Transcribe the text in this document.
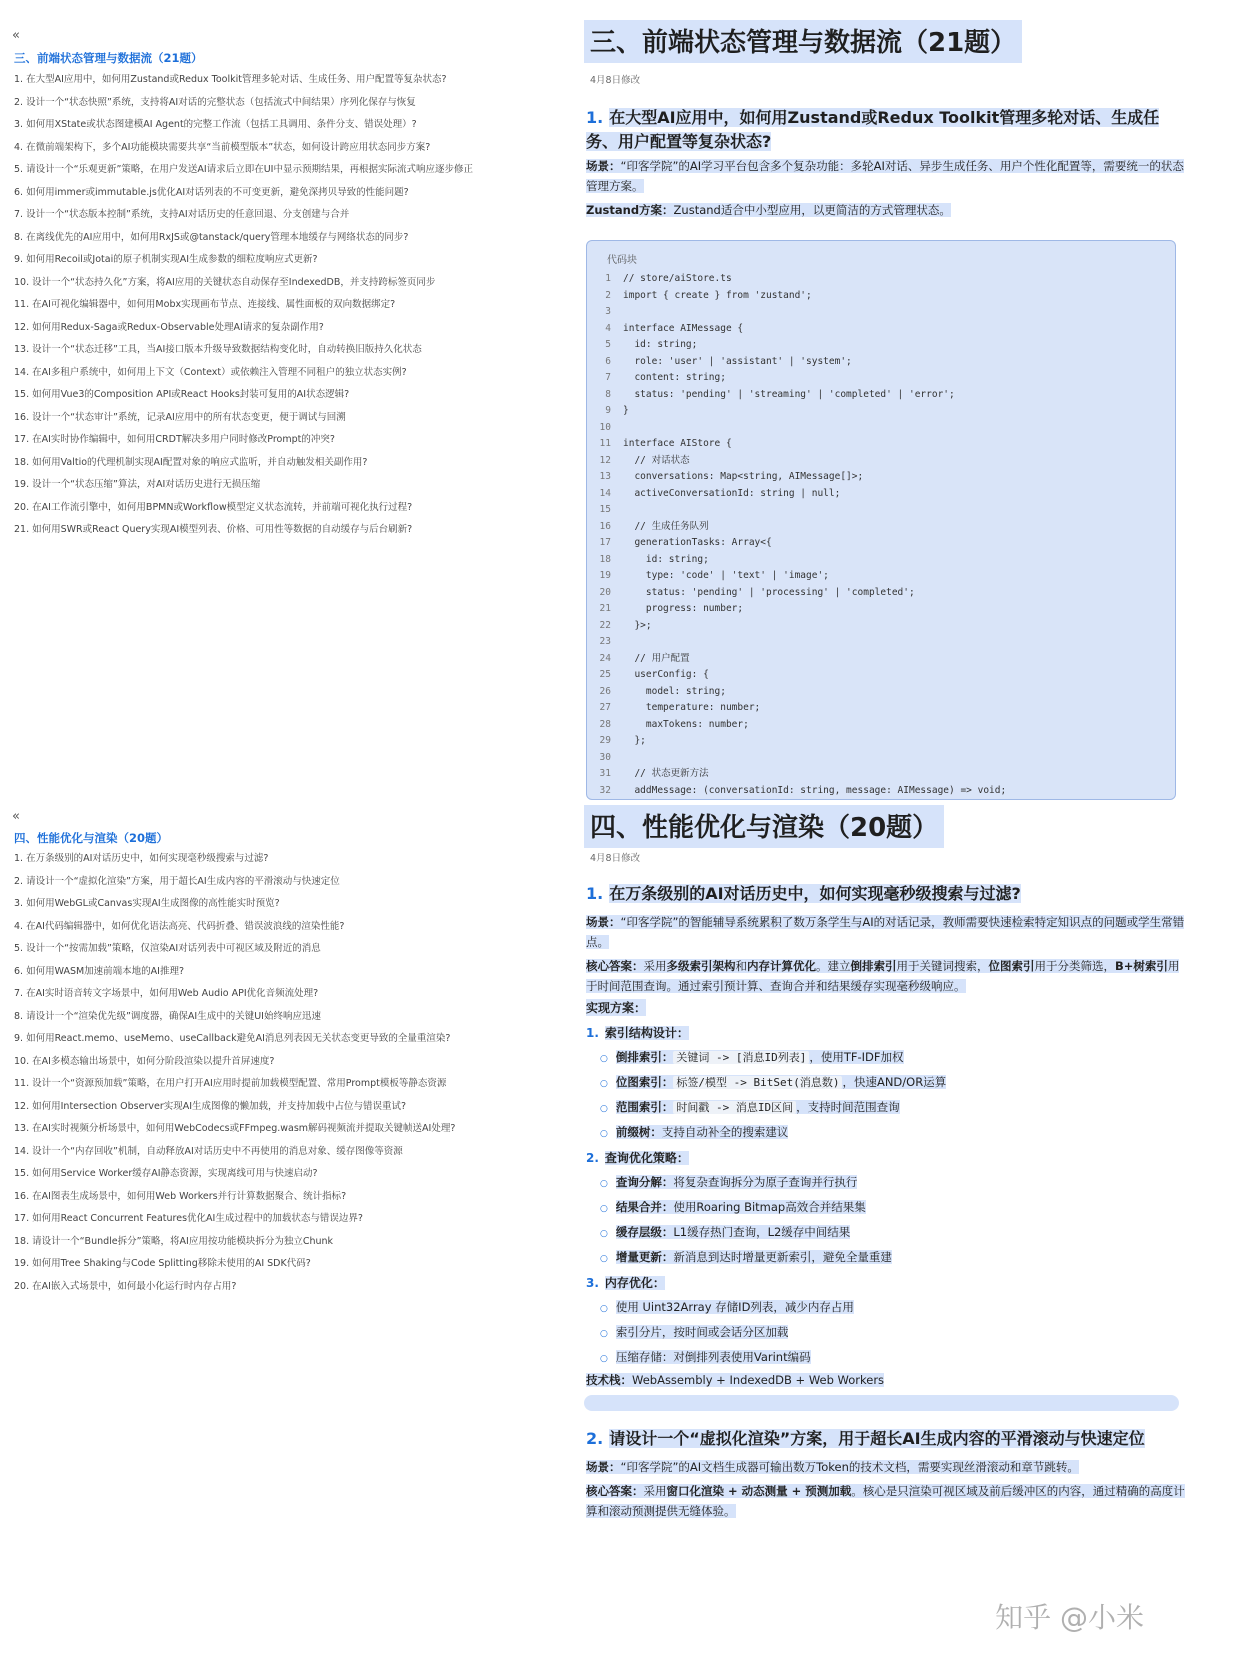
«
三、前端状态管理与数据流（21题）
1. 在大型AI应用中，如何用Zustand或Redux Toolkit管理多轮对话、生成任务、用户配置等复杂状态?
2. 设计一个“状态快照”系统，支持将AI对话的完整状态（包括流式中间结果）序列化保存与恢复
3. 如何用XState或状态图建模AI Agent的完整工作流（包括工具调用、条件分支、错误处理）?
4. 在微前端架构下，多个AI功能模块需要共享“当前模型版本”状态，如何设计跨应用状态同步方案?
5. 请设计一个“乐观更新”策略，在用户发送AI请求后立即在UI中显示预期结果，再根据实际流式响应逐步修正
6. 如何用immer或immutable.js优化AI对话列表的不可变更新，避免深拷贝导致的性能问题?
7. 设计一个“状态版本控制”系统，支持AI对话历史的任意回退、分支创建与合并
8. 在离线优先的AI应用中，如何用RxJS或@tanstack/query管理本地缓存与网络状态的同步?
9. 如何用Recoil或Jotai的原子机制实现AI生成参数的细粒度响应式更新?
10. 设计一个“状态持久化”方案，将AI应用的关键状态自动保存至IndexedDB，并支持跨标签页同步
11. 在AI可视化编辑器中，如何用Mobx实现画布节点、连接线、属性面板的双向数据绑定?
12. 如何用Redux-Saga或Redux-Observable处理AI请求的复杂副作用?
13. 设计一个“状态迁移”工具，当AI接口版本升级导致数据结构变化时，自动转换旧版持久化状态
14. 在AI多租户系统中，如何用上下文（Context）或依赖注入管理不同租户的独立状态实例?
15. 如何用Vue3的Composition API或React Hooks封装可复用的AI状态逻辑?
16. 设计一个“状态审计”系统，记录AI应用中的所有状态变更，便于调试与回溯
17. 在AI实时协作编辑中，如何用CRDT解决多用户同时修改Prompt的冲突?
18. 如何用Valtio的代理机制实现AI配置对象的响应式监听，并自动触发相关副作用?
19. 设计一个“状态压缩”算法，对AI对话历史进行无损压缩
20. 在AI工作流引擎中，如何用BPMN或Workflow模型定义状态流转，并前端可视化执行过程?
21. 如何用SWR或React Query实现AI模型列表、价格、可用性等数据的自动缓存与后台刷新?
三、前端状态管理与数据流（21题）
4月8日修改
1. 在大型AI应用中，如何用Zustand或Redux Toolkit管理多轮对话、生成任务、用户配置等复杂状态?
场景：“印客学院”的AI学习平台包含多个复杂功能：多轮AI对话、异步生成任务、用户个性化配置等，需要统一的状态管理方案。
Zustand方案：Zustand适合中小型应用，以更简洁的方式管理状态。
代码块
1 // store/aiStore.ts
2 import { create } from 'zustand';
3
4 interface AIMessage {
5  id: string;
6  role: 'user' | 'assistant' | 'system';
7  content: string;
8  status: 'pending' | 'streaming' | 'completed' | 'error';
9 }
10
11 interface AIStore {
12  // 对话状态
13  conversations: Map<string, AIMessage[]>;
14  activeConversationId: string | null;
15
16  // 生成任务队列
17  generationTasks: Array<{
18    id: string;
19    type: 'code' | 'text' | 'image';
20    status: 'pending' | 'processing' | 'completed';
21    progress: number;
22  }>;
23
24  // 用户配置
25  userConfig: {
26    model: string;
27    temperature: number;
28    maxTokens: number;
29  };
30
31  // 状态更新方法
32  addMessage: (conversationId: string, message: AIMessage) => void;
«
四、性能优化与渲染（20题）
1. 在万条级别的AI对话历史中，如何实现毫秒级搜索与过滤?
2. 请设计一个“虚拟化渲染”方案，用于超长AI生成内容的平滑滚动与快速定位
3. 如何用WebGL或Canvas实现AI生成图像的高性能实时预览?
4. 在AI代码编辑器中，如何优化语法高亮、代码折叠、错误波浪线的渲染性能?
5. 设计一个“按需加载”策略，仅渲染AI对话列表中可视区域及附近的消息
6. 如何用WASM加速前端本地的AI推理?
7. 在AI实时语音转文字场景中，如何用Web Audio API优化音频流处理?
8. 请设计一个“渲染优先级”调度器，确保AI生成中的关键UI始终响应迅速
9. 如何用React.memo、useMemo、useCallback避免AI消息列表因无关状态变更导致的全量重渲染?
10. 在AI多模态输出场景中，如何分阶段渲染以提升首屏速度?
11. 设计一个“资源预加载”策略，在用户打开AI应用时提前加载模型配置、常用Prompt模板等静态资源
12. 如何用Intersection Observer实现AI生成图像的懒加载，并支持加载中占位与错误重试?
13. 在AI实时视频分析场景中，如何用WebCodecs或FFmpeg.wasm解码视频流并提取关键帧送AI处理?
14. 设计一个“内存回收”机制，自动释放AI对话历史中不再使用的消息对象、缓存图像等资源
15. 如何用Service Worker缓存AI静态资源，实现离线可用与快速启动?
16. 在AI图表生成场景中，如何用Web Workers并行计算数据聚合、统计指标?
17. 如何用React Concurrent Features优化AI生成过程中的加载状态与错误边界?
18. 请设计一个“Bundle拆分”策略，将AI应用按功能模块拆分为独立Chunk
19. 如何用Tree Shaking与Code Splitting移除未使用的AI SDK代码?
20. 在AI嵌入式场景中，如何最小化运行时内存占用?
四、性能优化与渲染（20题）
4月8日修改
1. 在万条级别的AI对话历史中，如何实现毫秒级搜索与过滤?
场景：“印客学院”的智能辅导系统累积了数万条学生与AI的对话记录，教师需要快速检索特定知识点的问题或学生常错点。
核心答案：采用多级索引架构和内存计算优化。建立倒排索引用于关键词搜索，位图索引用于分类筛选，B+树索引用于时间范围查询。通过索引预计算、查询合并和结果缓存实现毫秒级响应。
实现方案：
1. 索引结构设计：
○ 倒排索引： 关键词 -> [消息ID列表] ，使用TF-IDF加权
○ 位图索引： 标签/模型 -> BitSet(消息数) ，快速AND/OR运算
○ 范围索引： 时间戳 -> 消息ID区间 ，支持时间范围查询
○ 前缀树：支持自动补全的搜索建议
2. 查询优化策略：
○ 查询分解：将复杂查询拆分为原子查询并行执行
○ 结果合并：使用Roaring Bitmap高效合并结果集
○ 缓存层级：L1缓存热门查询，L2缓存中间结果
○ 增量更新：新消息到达时增量更新索引，避免全量重建
3. 内存优化：
○ 使用 Uint32Array 存储ID列表，减少内存占用
○ 索引分片，按时间或会话分区加载
○ 压缩存储：对倒排列表使用Varint编码
技术栈：WebAssembly + IndexedDB + Web Workers
2. 请设计一个“虚拟化渲染”方案，用于超长AI生成内容的平滑滚动与快速定位
场景：“印客学院”的AI文档生成器可输出数万Token的技术文档，需要实现丝滑滚动和章节跳转。
核心答案：采用窗口化渲染 + 动态测量 + 预测加载。核心是只渲染可视区域及前后缓冲区的内容，通过精确的高度计算和滚动预测提供无缝体验。
知乎 @小米
